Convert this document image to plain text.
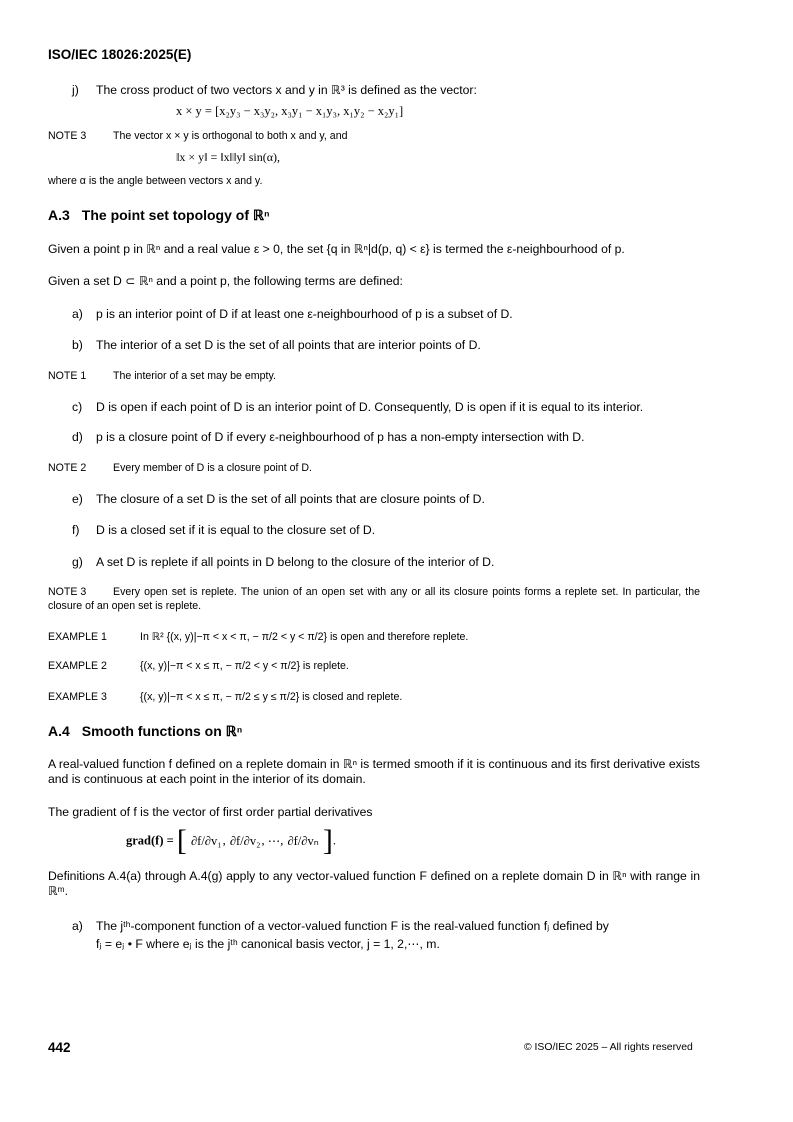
ISO/IEC 18026:2025(E)
j) The cross product of two vectors x and y in ℝ³ is defined as the vector:
x × y = [x₂y₃ − x₃y₂, x₃y₁ − x₁y₃, x₁y₂ − x₂y₁]
NOTE 3	The vector x × y is orthogonal to both x and y, and
‖x × y‖ = ‖x‖‖y‖ sin(α),
where α is the angle between vectors x and y.
A.3 The point set topology of ℝⁿ
Given a point p in ℝⁿ and a real value ε > 0, the set {q in ℝⁿ|d(p, q) < ε} is termed the ε-neighbourhood of p.
Given a set D ⊂ ℝⁿ and a point p, the following terms are defined:
a) p is an interior point of D if at least one ε-neighbourhood of p is a subset of D.
b) The interior of a set D is the set of all points that are interior points of D.
NOTE 1	The interior of a set may be empty.
c) D is open if each point of D is an interior point of D. Consequently, D is open if it is equal to its interior.
d) p is a closure point of D if every ε-neighbourhood of p has a non-empty intersection with D.
NOTE 2	Every member of D is a closure point of D.
e) The closure of a set D is the set of all points that are closure points of D.
f) D is a closed set if it is equal to the closure set of D.
g) A set D is replete if all points in D belong to the closure of the interior of D.
NOTE 3	Every open set is replete. The union of an open set with any or all its closure points forms a replete set. In particular, the closure of an open set is replete.
EXAMPLE 1	In ℝ² {(x, y)|−π < x < π, − π/2 < y < π/2} is open and therefore replete.
EXAMPLE 2	{(x, y)|−π < x ≤ π, − π/2 < y < π/2} is replete.
EXAMPLE 3	{(x, y)|−π < x ≤ π, − π/2 ≤ y ≤ π/2} is closed and replete.
A.4 Smooth functions on ℝⁿ
A real-valued function f defined on a replete domain in ℝⁿ is termed smooth if it is continuous and its first derivative exists and is continuous at each point in the interior of its domain.
The gradient of f is the vector of first order partial derivatives
grad(f) = [ ∂f/∂v₁ , ∂f/∂v₂ , ⋯, ∂f/∂vₙ ].
Definitions A.4(a) through A.4(g) apply to any vector-valued function F defined on a replete domain D in ℝⁿ with range in ℝᵐ.
a) The jᵗʰ-component function of a vector-valued function F is the real-valued function fⱼ defined by
fⱼ = eⱼ • F where eⱼ is the jᵗʰ canonical basis vector, j = 1, 2,⋯, m.
442	© ISO/IEC 2025 – All rights reserved
